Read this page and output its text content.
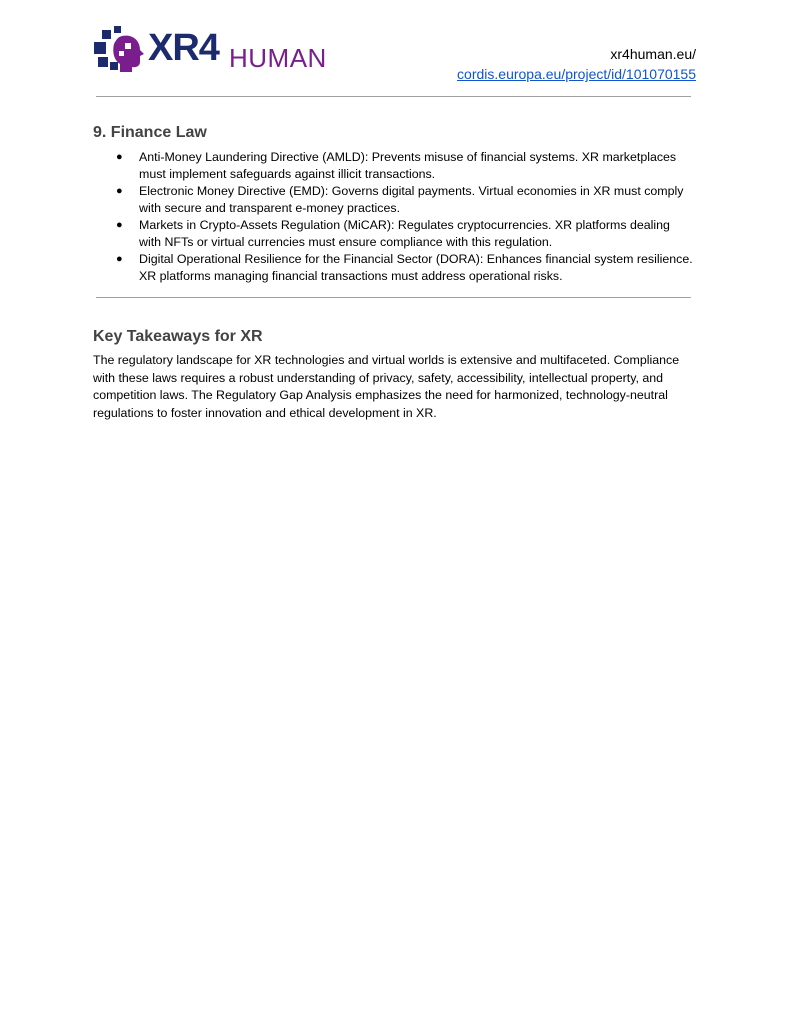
XR4 HUMAN	xr4human.eu/
cordis.europa.eu/project/id/101070155
9. Finance Law
● Anti-Money Laundering Directive (AMLD): Prevents misuse of financial systems. XR marketplaces must implement safeguards against illicit transactions.
● Electronic Money Directive (EMD): Governs digital payments. Virtual economies in XR must comply with secure and transparent e-money practices.
● Markets in Crypto-Assets Regulation (MiCAR): Regulates cryptocurrencies. XR platforms dealing with NFTs or virtual currencies must ensure compliance with this regulation.
● Digital Operational Resilience for the Financial Sector (DORA): Enhances financial system resilience. XR platforms managing financial transactions must address operational risks.
Key Takeaways for XR

The regulatory landscape for XR technologies and virtual worlds is extensive and multifaceted. Compliance with these laws requires a robust understanding of privacy, safety, accessibility, intellectual property, and competition laws. The Regulatory Gap Analysis emphasizes the need for harmonized, technology-neutral regulations to foster innovation and ethical development in XR.
